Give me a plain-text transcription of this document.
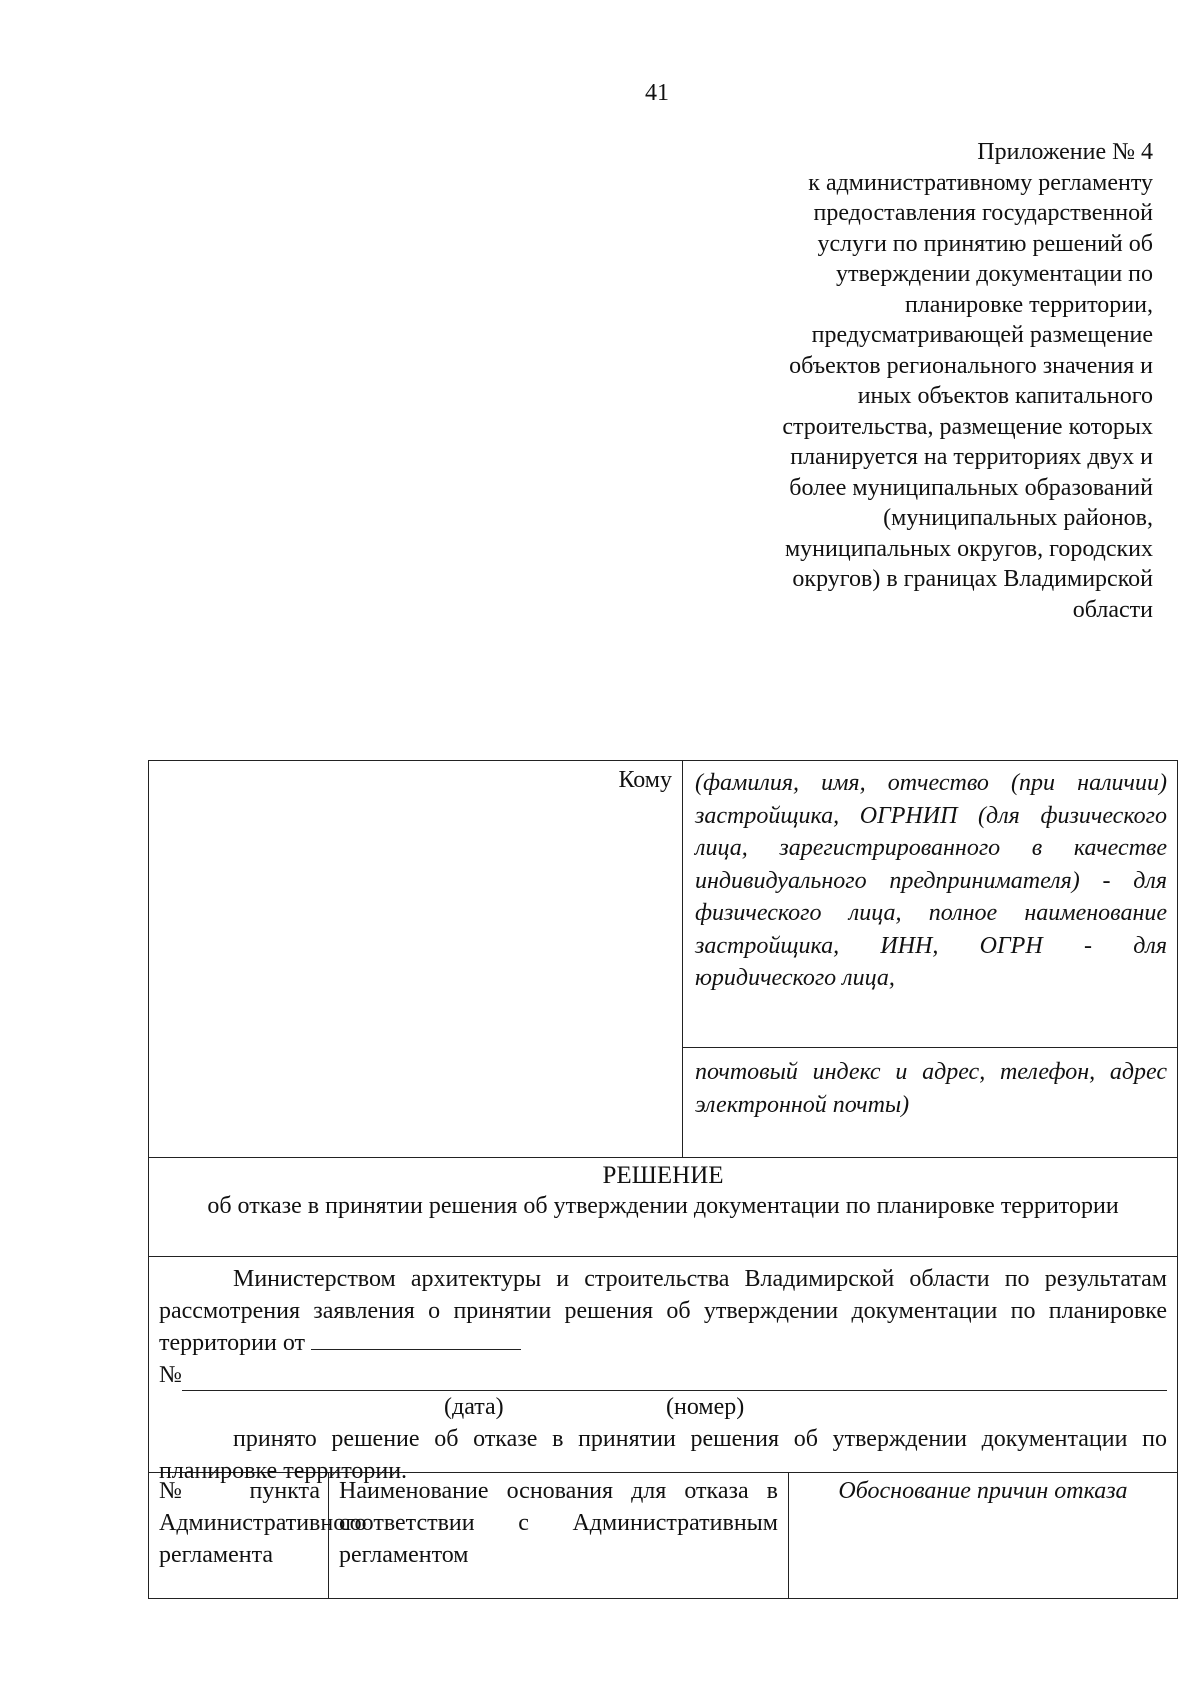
41
Приложение № 4
к административному регламенту
предоставления государственной
услуги по принятию решений об
утверждении документации по
планировке территории,
предусматривающей размещение
объектов регионального значения и
иных объектов капитального
строительства, размещение которых
планируется на территориях двух и
более муниципальных образований
(муниципальных районов,
муниципальных округов, городских
округов) в границах Владимирской
области
Кому (фамилия, имя, отчество (при наличии) застройщика, ОГРНИП (для физического лица, зарегистрированного в качестве индивидуального предпринимателя) - для физического лица, полное наименование застройщика, ИНН, ОГРН - для юридического лица,
почтовый индекс и адрес, телефон, адрес электронной почты)
РЕШЕНИЕ
об отказе в принятии решения об утверждении документации по планировке территории
Министерством архитектуры и строительства Владимирской области по результатам рассмотрения заявления о принятии решения об утверждении документации по планировке территории от
№
(дата)	(номер)
принято решение об отказе в принятии решения об утверждении документации по планировке территории.
№ пункта Административного регламента
Наименование основания для отказа в соответствии с Административным регламентом
Обоснование причин отказа
